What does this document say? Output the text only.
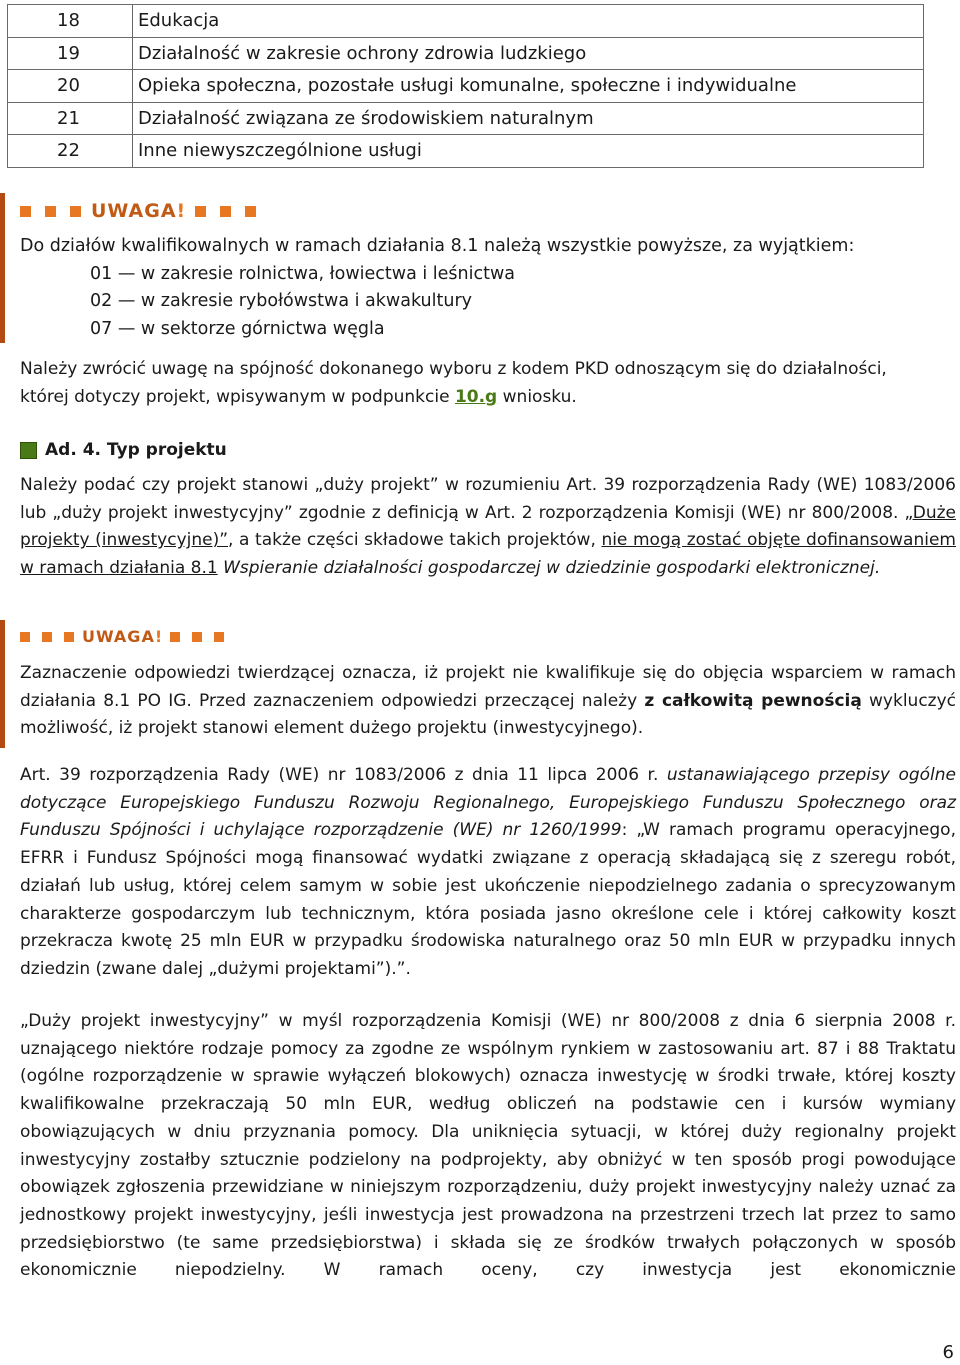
18	Edukacja
19	Działalność w zakresie ochrony zdrowia ludzkiego
20	Opieka społeczna, pozostałe usługi komunalne, społeczne i indywidualne
21	Działalność związana ze środowiskiem naturalnym
22	Inne niewyszczególnione usługi
UWAGA !
Do działów kwalifikowalnych w ramach działania 8.1 należą wszystkie powyższe, za wyjątkiem:
01 — w zakresie rolnictwa, łowiectwa i leśnictwa
02 — w zakresie rybołówstwa i akwakultury
07 — w sektorze górnictwa węgla
Należy zwrócić uwagę na spójność dokonanego wyboru z kodem PKD odnoszącym się do działalności,
której dotyczy projekt, wpisywanym w podpunkcie 10.g wniosku.
Ad. 4. Typ projektu

Należy podać czy projekt stanowi „duży projekt” w rozumieniu Art. 39 rozporządzenia Rady (WE) 1083/2006 lub „duży projekt inwestycyjny” zgodnie z definicją w Art. 2 rozporządzenia Komisji (WE) nr 800/2008. „Duże projekty (inwestycyjne)”, a także części składowe takich projektów, nie mogą zostać objęte dofinansowaniem w ramach działania 8.1 Wspieranie działalności gospodarczej w dziedzinie gospodarki elektronicznej.

UWAGA !

Zaznaczenie odpowiedzi twierdzącej oznacza, iż projekt nie kwalifikuje się do objęcia wsparciem w ramach działania 8.1 PO IG. Przed zaznaczeniem odpowiedzi przeczącej należy z całkowitą pewnością wykluczyć możliwość, iż projekt stanowi element dużego projektu (inwestycyjnego).

Art. 39 rozporządzenia Rady (WE) nr 1083/2006 z dnia 11 lipca 2006 r. ustanawiającego przepisy ogólne dotyczące Europejskiego Funduszu Rozwoju Regionalnego, Europejskiego Funduszu Społecznego oraz Funduszu Spójności i uchylające rozporządzenie (WE) nr 1260/1999: „W ramach programu operacyjnego, EFRR i Fundusz Spójności mogą finansować wydatki związane z operacją składającą się z szeregu robót, działań lub usług, której celem samym w sobie jest ukończenie niepodzielnego zadania o sprecyzowanym charakterze gospodarczym lub technicznym, która posiada jasno określone cele i której całkowity koszt przekracza kwotę 25 mln EUR w przypadku środowiska naturalnego oraz 50 mln EUR w przypadku innych dziedzin (zwane dalej „dużymi projektami”).”.

„Duży projekt inwestycyjny” w myśl rozporządzenia Komisji (WE) nr 800/2008 z dnia 6 sierpnia 2008 r. uznającego niektóre rodzaje pomocy za zgodne ze wspólnym rynkiem w zastosowaniu art. 87 i 88 Traktatu (ogólne rozporządzenie w sprawie wyłączeń blokowych) oznacza inwestycję w środki trwałe, której koszty kwalifikowalne przekraczają 50 mln EUR, według obliczeń na podstawie cen i kursów wymiany obowiązujących w dniu przyznania pomocy. Dla uniknięcia sytuacji, w której duży regionalny projekt inwestycyjny zostałby sztucznie podzielony na podprojekty, aby obniżyć w ten sposób progi powodujące obowiązek zgłoszenia przewidziane w niniejszym rozporządzeniu, duży projekt inwestycyjny należy uznać za jednostkowy projekt inwestycyjny, jeśli inwestycja jest prowadzona na przestrzeni trzech lat przez to samo przedsiębiorstwo (te same przedsiębiorstwa) i składa się ze środków trwałych połączonych w sposób ekonomicznie niepodzielny. W ramach oceny, czy inwestycja jest ekonomicznie

6
